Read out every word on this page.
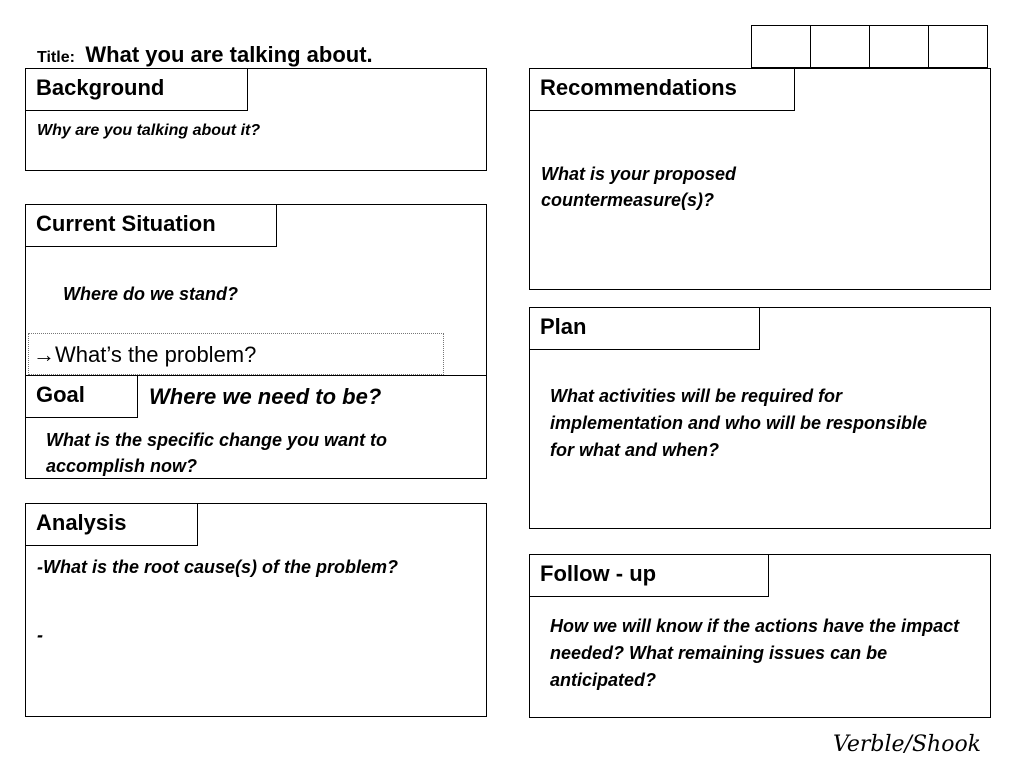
Title: What you are talking about.
Background
Why are you talking about it?
Current Situation
Where do we stand?
→What’s the problem?
Goal	Where we need to be?
What is the specific change you want to accomplish now?
Analysis
-What is the root cause(s) of the problem?
-
Recommendations
What is your proposed countermeasure(s)?
Plan
What activities will be required for implementation and who will be responsible for what and when?
Follow - up
How we will know if the actions have the impact needed? What remaining issues can be anticipated?
Verble/Shook
